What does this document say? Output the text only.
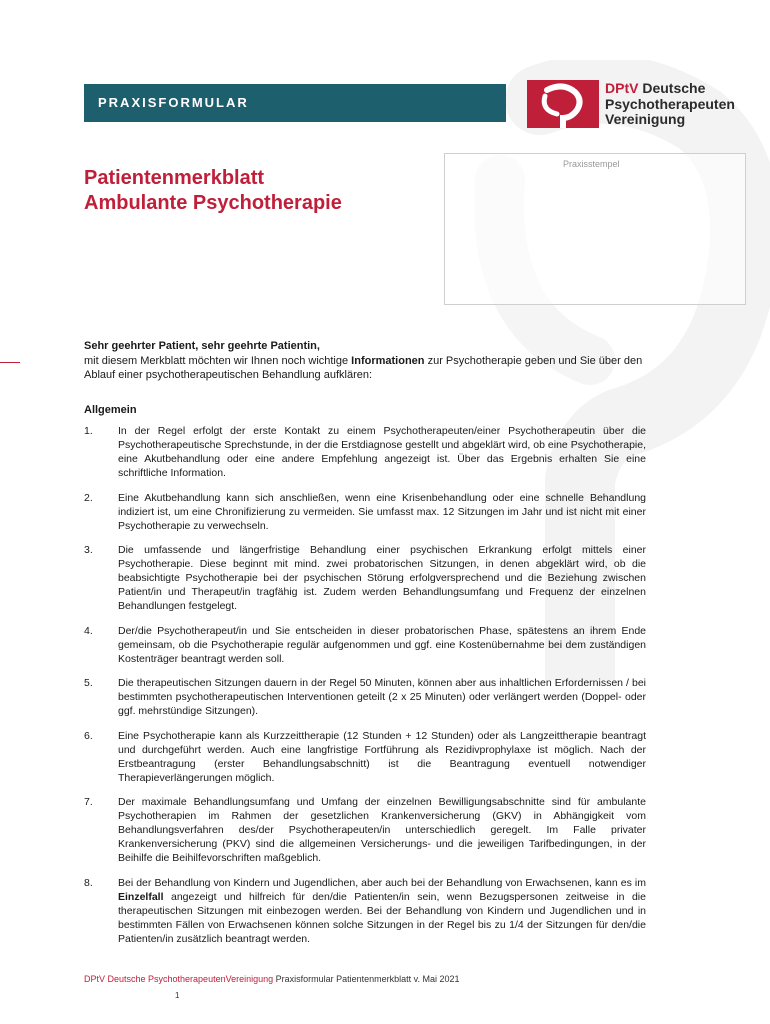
PRAXISFORMULAR
DPtV Deutsche
Psychotherapeuten
Vereinigung
Praxisstempel
Patientenmerkblatt
Ambulante Psychotherapie
Sehr geehrter Patient, sehr geehrte Patientin,
mit diesem Merkblatt möchten wir Ihnen noch wichtige Informationen zur Psychotherapie geben und Sie über den Ablauf einer psychotherapeutischen Behandlung aufklären:
Allgemein
1.	In der Regel erfolgt der erste Kontakt zu einem Psychotherapeuten/einer Psychotherapeutin über die Psychotherapeutische Sprechstunde, in der die Erstdiagnose gestellt und abgeklärt wird, ob eine Psychotherapie, eine Akutbehandlung oder eine andere Empfehlung angezeigt ist. Über das Ergebnis erhalten Sie eine schriftliche Information.
2.	Eine Akutbehandlung kann sich anschließen, wenn eine Krisenbehandlung oder eine schnelle Behandlung indiziert ist, um eine Chronifizierung zu vermeiden. Sie umfasst max. 12 Sitzungen im Jahr und ist nicht mit einer Psychotherapie zu verwechseln.
3.	Die umfassende und längerfristige Behandlung einer psychischen Erkrankung erfolgt mittels einer Psychotherapie. Diese beginnt mit mind. zwei probatorischen Sitzungen, in denen abgeklärt wird, ob die beabsichtigte Psychotherapie bei der psychischen Störung erfolgversprechend und die Beziehung zwischen Patient/in und Therapeut/in tragfähig ist. Zudem werden Behandlungsumfang und Frequenz der einzelnen Behandlungen festgelegt.
4.	Der/die Psychotherapeut/in und Sie entscheiden in dieser probatorischen Phase, spätestens an ihrem Ende gemeinsam, ob die Psychotherapie regulär aufgenommen und ggf. eine Kostenübernahme bei dem zuständigen Kostenträger beantragt werden soll.
5.	Die therapeutischen Sitzungen dauern in der Regel 50 Minuten, können aber aus inhaltlichen Erfordernissen / bei bestimmten psychotherapeutischen Interventionen geteilt (2 x 25 Minuten) oder verlängert werden (Doppel- oder ggf. mehrstündige Sitzungen).
6.	Eine Psychotherapie kann als Kurzzeittherapie (12 Stunden + 12 Stunden) oder als Langzeittherapie beantragt und durchgeführt werden. Auch eine langfristige Fortführung als Rezidivprophylaxe ist möglich. Nach der Erstbeantragung (erster Behandlungsabschnitt) ist die Beantragung eventuell notwendiger Therapieverlängerungen möglich.
7.	Der maximale Behandlungsumfang und Umfang der einzelnen Bewilligungsabschnitte sind für ambulante Psychotherapien im Rahmen der gesetzlichen Krankenversicherung (GKV) in Abhängigkeit vom Behandlungsverfahren des/der Psychotherapeuten/in unterschiedlich geregelt. Im Falle privater Krankenversicherung (PKV) sind die allgemeinen Versicherungs- und die jeweiligen Tarifbedingungen, in der Beihilfe die Beihilfevorschriften maßgeblich.
8.	Bei der Behandlung von Kindern und Jugendlichen, aber auch bei der Behandlung von Erwachsenen, kann es im Einzelfall angezeigt und hilfreich für den/die Patienten/in sein, wenn Bezugspersonen zeitweise in die therapeutischen Sitzungen mit einbezogen werden. Bei der Behandlung von Kindern und Jugendlichen und in bestimmten Fällen von Erwachsenen können solche Sitzungen in der Regel bis zu 1/4 der Sitzungen für den/die Patienten/in zusätzlich beantragt werden.
DPtV Deutsche PsychotherapeutenVereinigung Praxisformular Patientenmerkblatt v. Mai 2021
1
